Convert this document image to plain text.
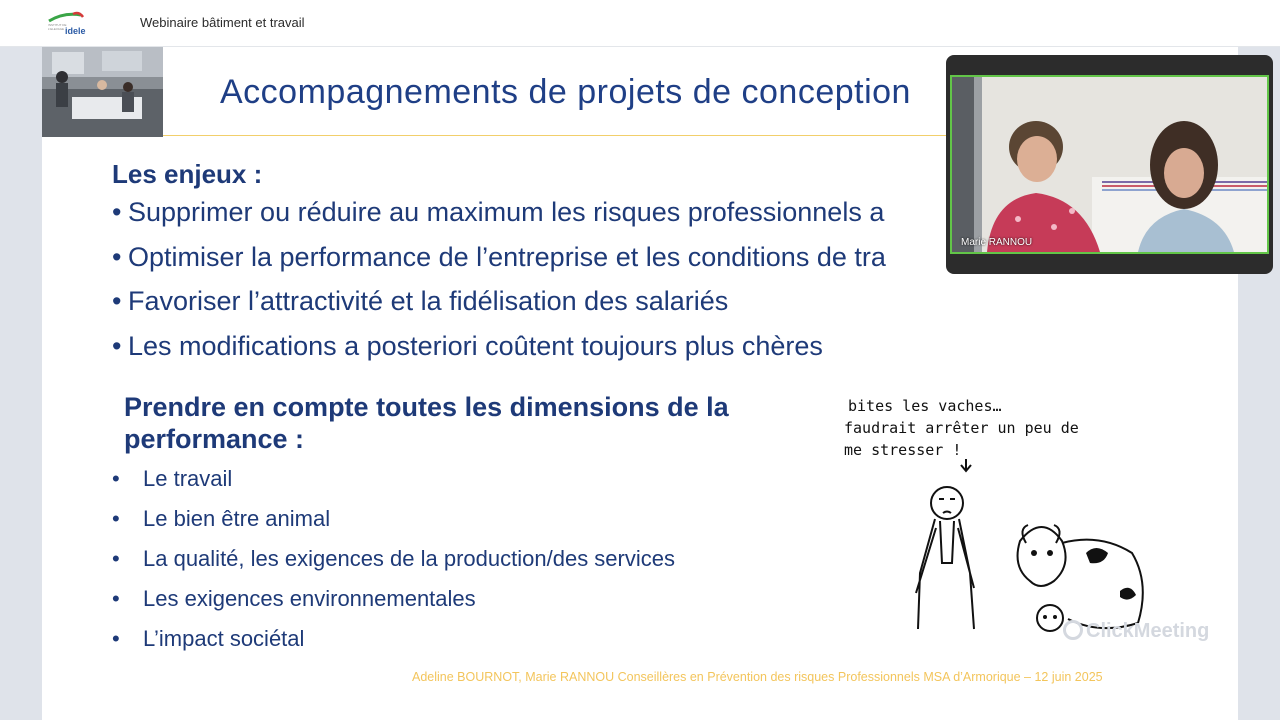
INSTITUT DE
L'ELEVAGE idele
Webinaire bâtiment et travail
Accompagnements de projets de conception
Les enjeux :
• Supprimer ou réduire au maximum les risques professionnels a
• Optimiser la performance de l’entreprise et les conditions de tra
• Favoriser l’attractivité et la fidélisation des salariés
• Les modifications a posteriori coûtent toujours plus chères
Prendre en compte toutes les dimensions de la performance :
• Le travail
• Le bien être animal
• La qualité, les exigences de la production/des services
• Les exigences environnementales
• L’impact sociétal
bites les vaches… faudrait arrêter un peu de me stresser !
Adeline BOURNOT, Marie RANNOU Conseillères en Prévention des risques Professionnels MSA d’Armorique – 12 juin 2025
ClickMeeting
Marie RANNOU
